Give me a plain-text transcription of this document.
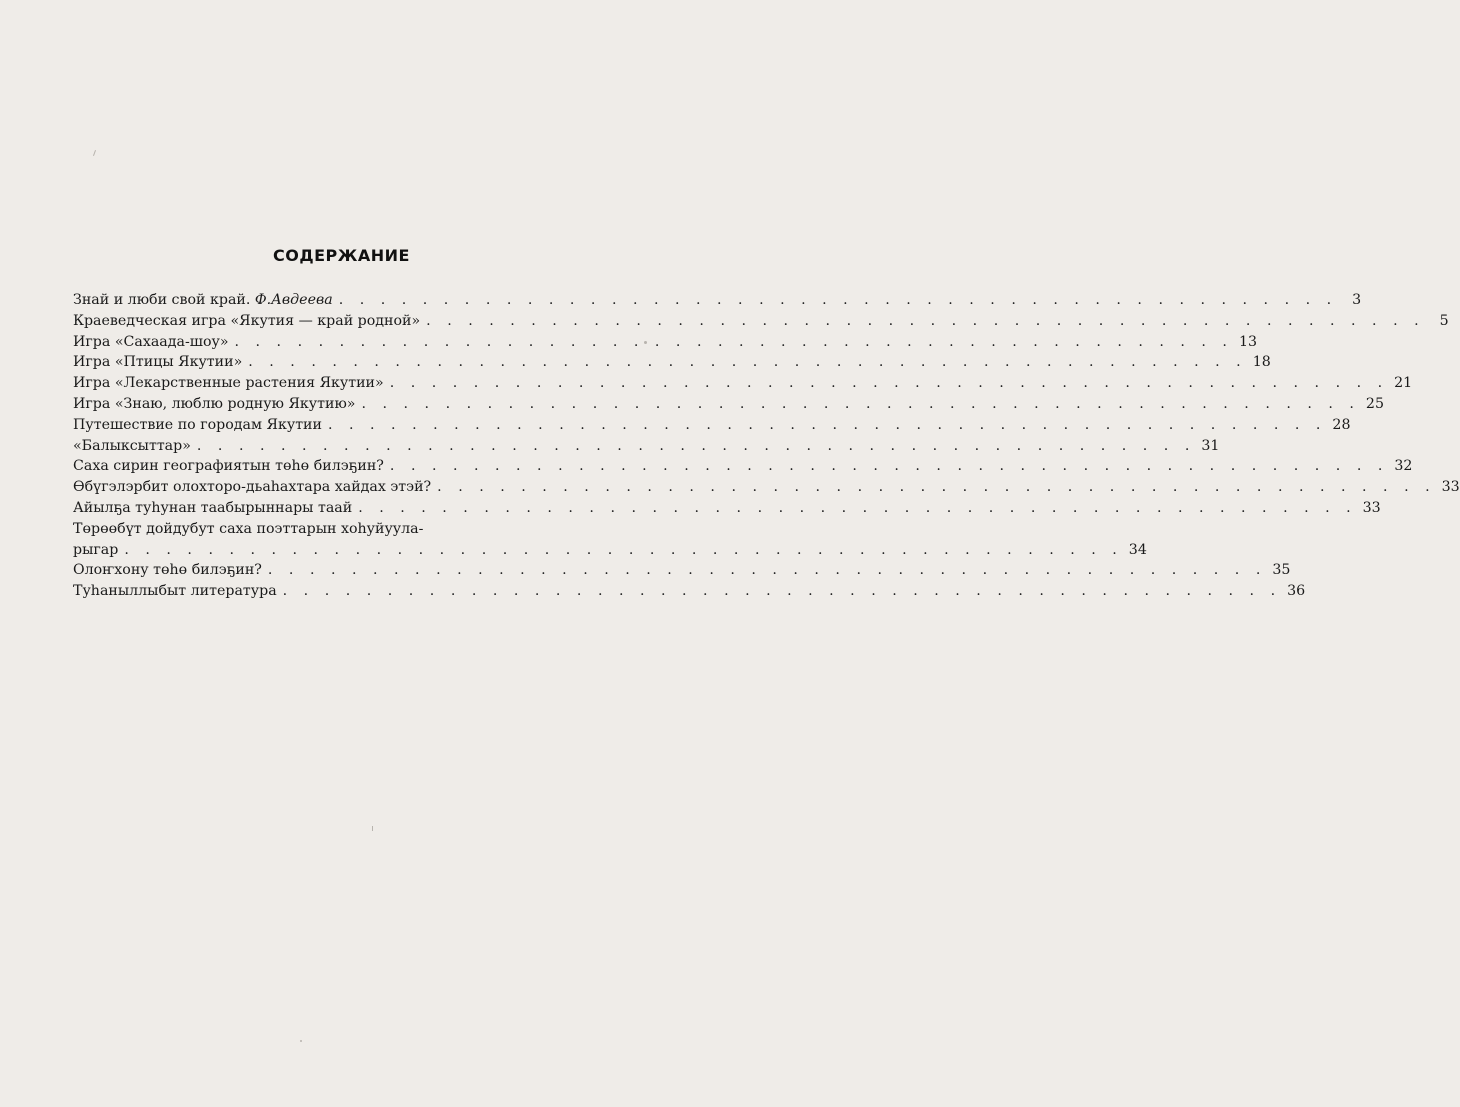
СОДЕРЖАНИЕ
Знай и люби свой край. Ф.Авдеева . . .	3
Краеведческая игра «Якутия — край родной» . . .	5
Игра «Сахаада-шоу» . . .	13
Игра «Птицы Якутии» . . .	18
Игра «Лекарственные растения Якутии» . . .	21
Игра «Знаю, люблю родную Якутию» . . .	25
Путешествие по городам Якутии . . .	28
«Балыксыттар» . . .	31
Саха сирин географиятын төһө билэҕин? . . .	32
Өбүгэлэрбит олохторо-дьаһахтара хайдах этэй? . . .	33
Айылҕа туһунан таабырыннары таай . . .	33
Төрөөбүт дойдубут саха поэттарын хоһуйуула-
рыгар . . .	34
Олоҥхону төһө билэҕин? . . .	35
Туһаныллыбыт литература . . .	36
